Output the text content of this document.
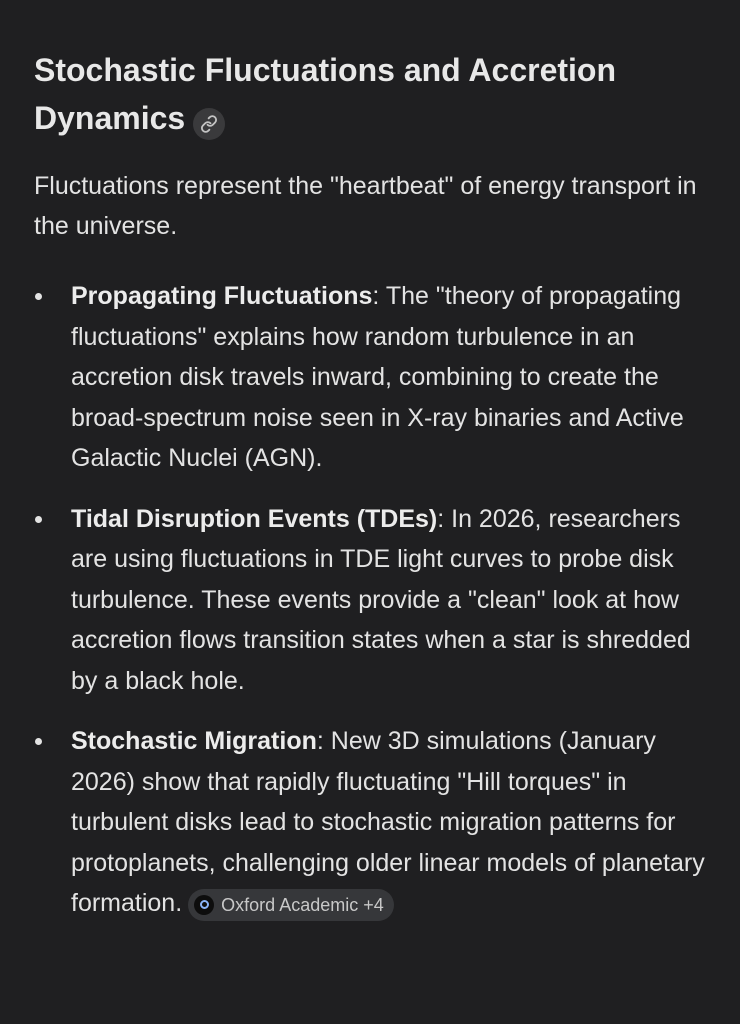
Stochastic Fluctuations and Accretion Dynamics

Fluctuations represent the "heartbeat" of energy transport in the universe.

Propagating Fluctuations: The "theory of propagating fluctuations" explains how random turbulence in an accretion disk travels inward, combining to create the broad-spectrum noise seen in X-ray binaries and Active Galactic Nuclei (AGN).
Tidal Disruption Events (TDEs): In 2026, researchers are using fluctuations in TDE light curves to probe disk turbulence. These events provide a "clean" look at how accretion flows transition states when a star is shredded by a black hole.
Stochastic Migration: New 3D simulations (January 2026) show that rapidly fluctuating "Hill torques" in turbulent disks lead to stochastic migration patterns for protoplanets, challenging older linear models of planetary formation. Oxford Academic +4
